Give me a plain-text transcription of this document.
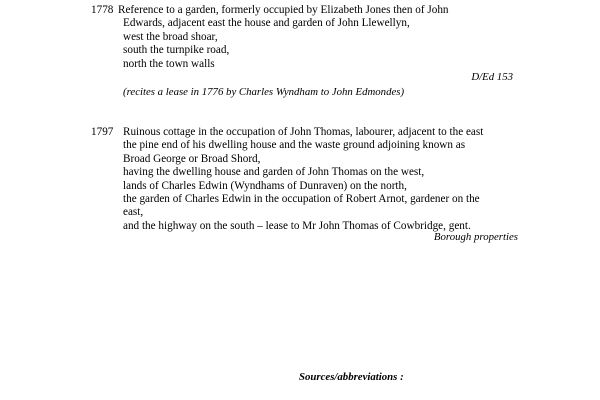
1778 Reference to a garden, formerly occupied by Elizabeth Jones then of John
Edwards, adjacent east the house and garden of John Llewellyn,
west the broad shoar,
south the turnpike road,
north the town walls
D/Ed 153
(recites a lease in 1776 by Charles Wyndham to John Edmondes)
1797 Ruinous cottage in the occupation of John Thomas, labourer, adjacent to the east
the pine end of his dwelling house and the waste ground adjoining known as
Broad George or Broad Shord,
having the dwelling house and garden of John Thomas on the west,
lands of Charles Edwin (Wyndhams of Dunraven) on the north,
the garden of Charles Edwin in the occupation of Robert Arnot, gardener on the
east,
and the highway on the south – lease to Mr John Thomas of Cowbridge, gent.
Borough properties
Sources/abbreviations :
